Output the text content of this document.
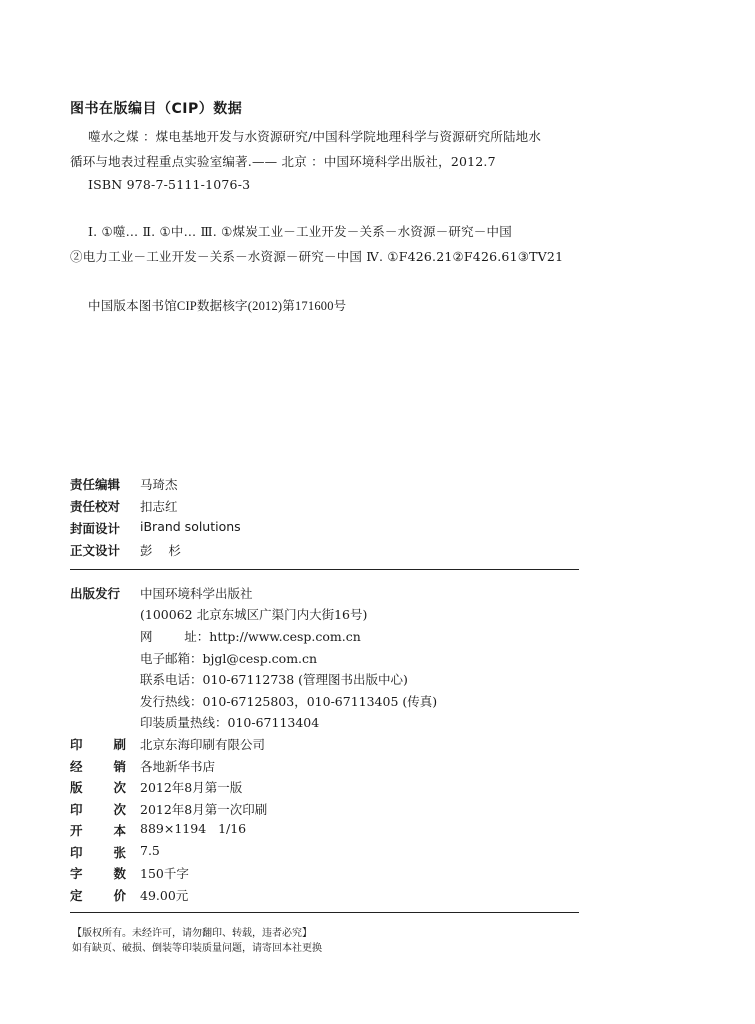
图书在版编目（CIP）数据
噬水之煤 ：煤电基地开发与水资源研究/中国科学院地理科学与资源研究所陆地水
循环与地表过程重点实验室编著.—— 北京 ：中国环境科学出版社，2012.7
ISBN 978-7-5111-1076-3
Ⅰ. ①噬… Ⅱ. ①中… Ⅲ. ①煤炭工业－工业开发－关系－水资源－研究－中国
②电力工业－工业开发－关系－水资源－研究－中国 Ⅳ. ①F426.21②F426.61③TV21
中国版本图书馆CIP数据核字(2012)第171600号
责任编辑 马琦杰
责任校对 扣志红
封面设计 iBrand solutions
正文设计 彭    杉
出版发行 中国环境科学出版社
(100062 北京东城区广渠门内大街16号)
网        址：http://www.cesp.com.cn
电子邮箱：bjgl@cesp.com.cn
联系电话：010-67112738 (管理图书出版中心)
发行热线：010-67125803，010-67113405 (传真)
印装质量热线：010-67113404
印 刷 北京东海印刷有限公司
经 销 各地新华书店
版 次 2012年8月第一版
印 次 2012年8月第一次印刷
开 本 889×1194   1/16
印 张 7.5
字 数 150千字
定 价 49.00元
【版权所有。未经许可，请勿翻印、转载，违者必究】
如有缺页、破损、倒装等印装质量问题，请寄回本社更换
